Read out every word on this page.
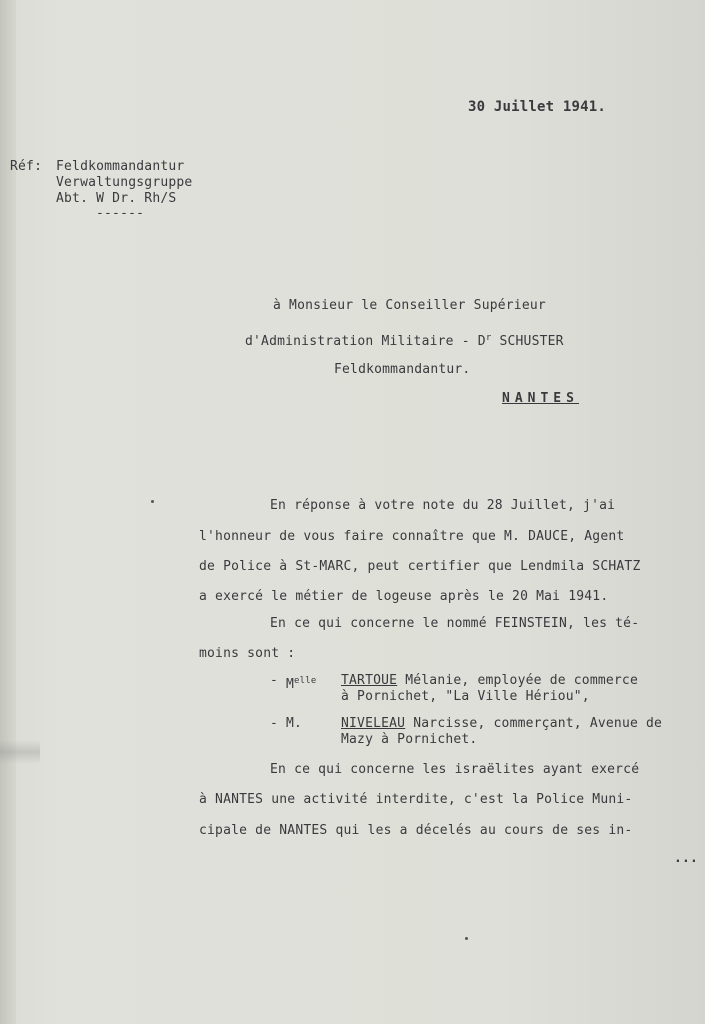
30 Juillet 1941.
Réf: Feldkommandantur
Verwaltungsgruppe
Abt. W Dr. Rh/S
------
à Monsieur le Conseiller Supérieur
d'Administration Militaire - $D^r$ SCHUSTER
Feldkommandantur.
NANTES
En réponse à votre note du 28 Juillet, j'ai
l'honneur de vous faire connaître que M. DAUCE, Agent
de Police à St-MARC, peut certifier que Lendmila SCHATZ
a exercé le métier de logeuse après le 20 Mai 1941.
En ce qui concerne le nommé FEINSTEIN, les té-
moins sont :
- $M^{elle}$ TARTOUE Mélanie, employée de commerce
à Pornichet, "La Ville Hériou",
- M.	NIVELEAU Narcisse, commerçant, Avenue de
Mazy à Pornichet.
En ce qui concerne les israëlites ayant exercé
à NANTES une activité interdite, c'est la Police Muni-
cipale de NANTES qui les a décelés au cours de ses in-
...
